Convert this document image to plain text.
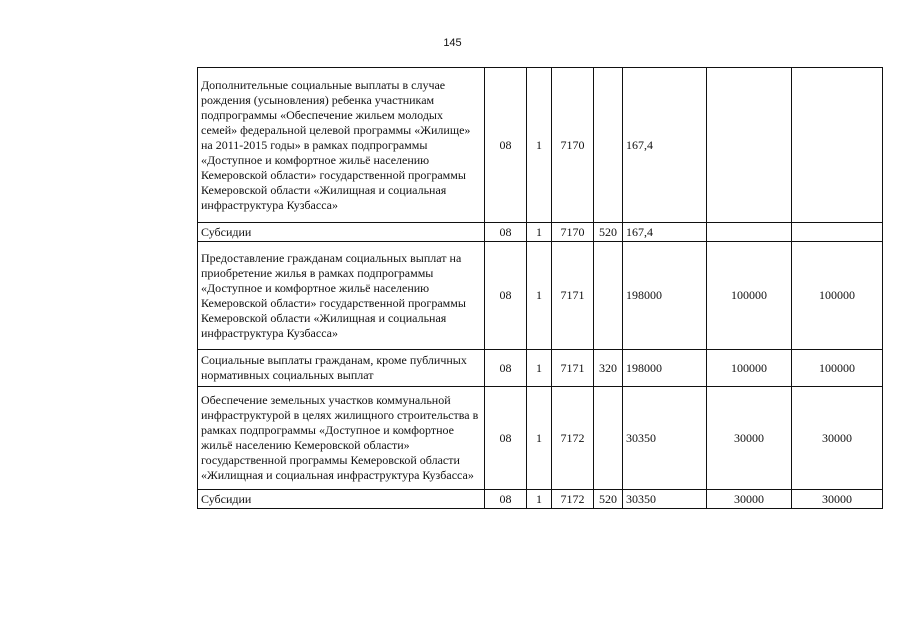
145
Дополнительные социальные выплаты в случае рождения (усыновления) ребенка участникам подпрограммы «Обеспечение жильем молодых семей» федеральной целевой программы «Жилище» на 2011-2015 годы» в рамках подпрограммы «Доступное и комфортное жильё населению Кемеровской области» государственной программы Кемеровской области «Жилищная и социальная инфраструктура Кузбасса»	08	1	7170		167,4		
Субсидии	08	1	7170	520	167,4		
Предоставление гражданам социальных выплат на приобретение жилья в рамках подпрограммы «Доступное и комфортное жильё населению Кемеровской области» государственной программы Кемеровской области «Жилищная и социальная инфраструктура Кузбасса»	08	1	7171		198000	100000	100000
Социальные выплаты гражданам, кроме публичных нормативных социальных выплат	08	1	7171	320	198000	100000	100000
Обеспечение земельных участков коммунальной инфраструктурой в целях жилищного строительства в рамках подпрограммы «Доступное и комфортное жильё населению Кемеровской области» государственной программы Кемеровской области «Жилищная и социальная инфраструктура Кузбасса»	08	1	7172		30350	30000	30000
Субсидии	08	1	7172	520	30350	30000	30000
